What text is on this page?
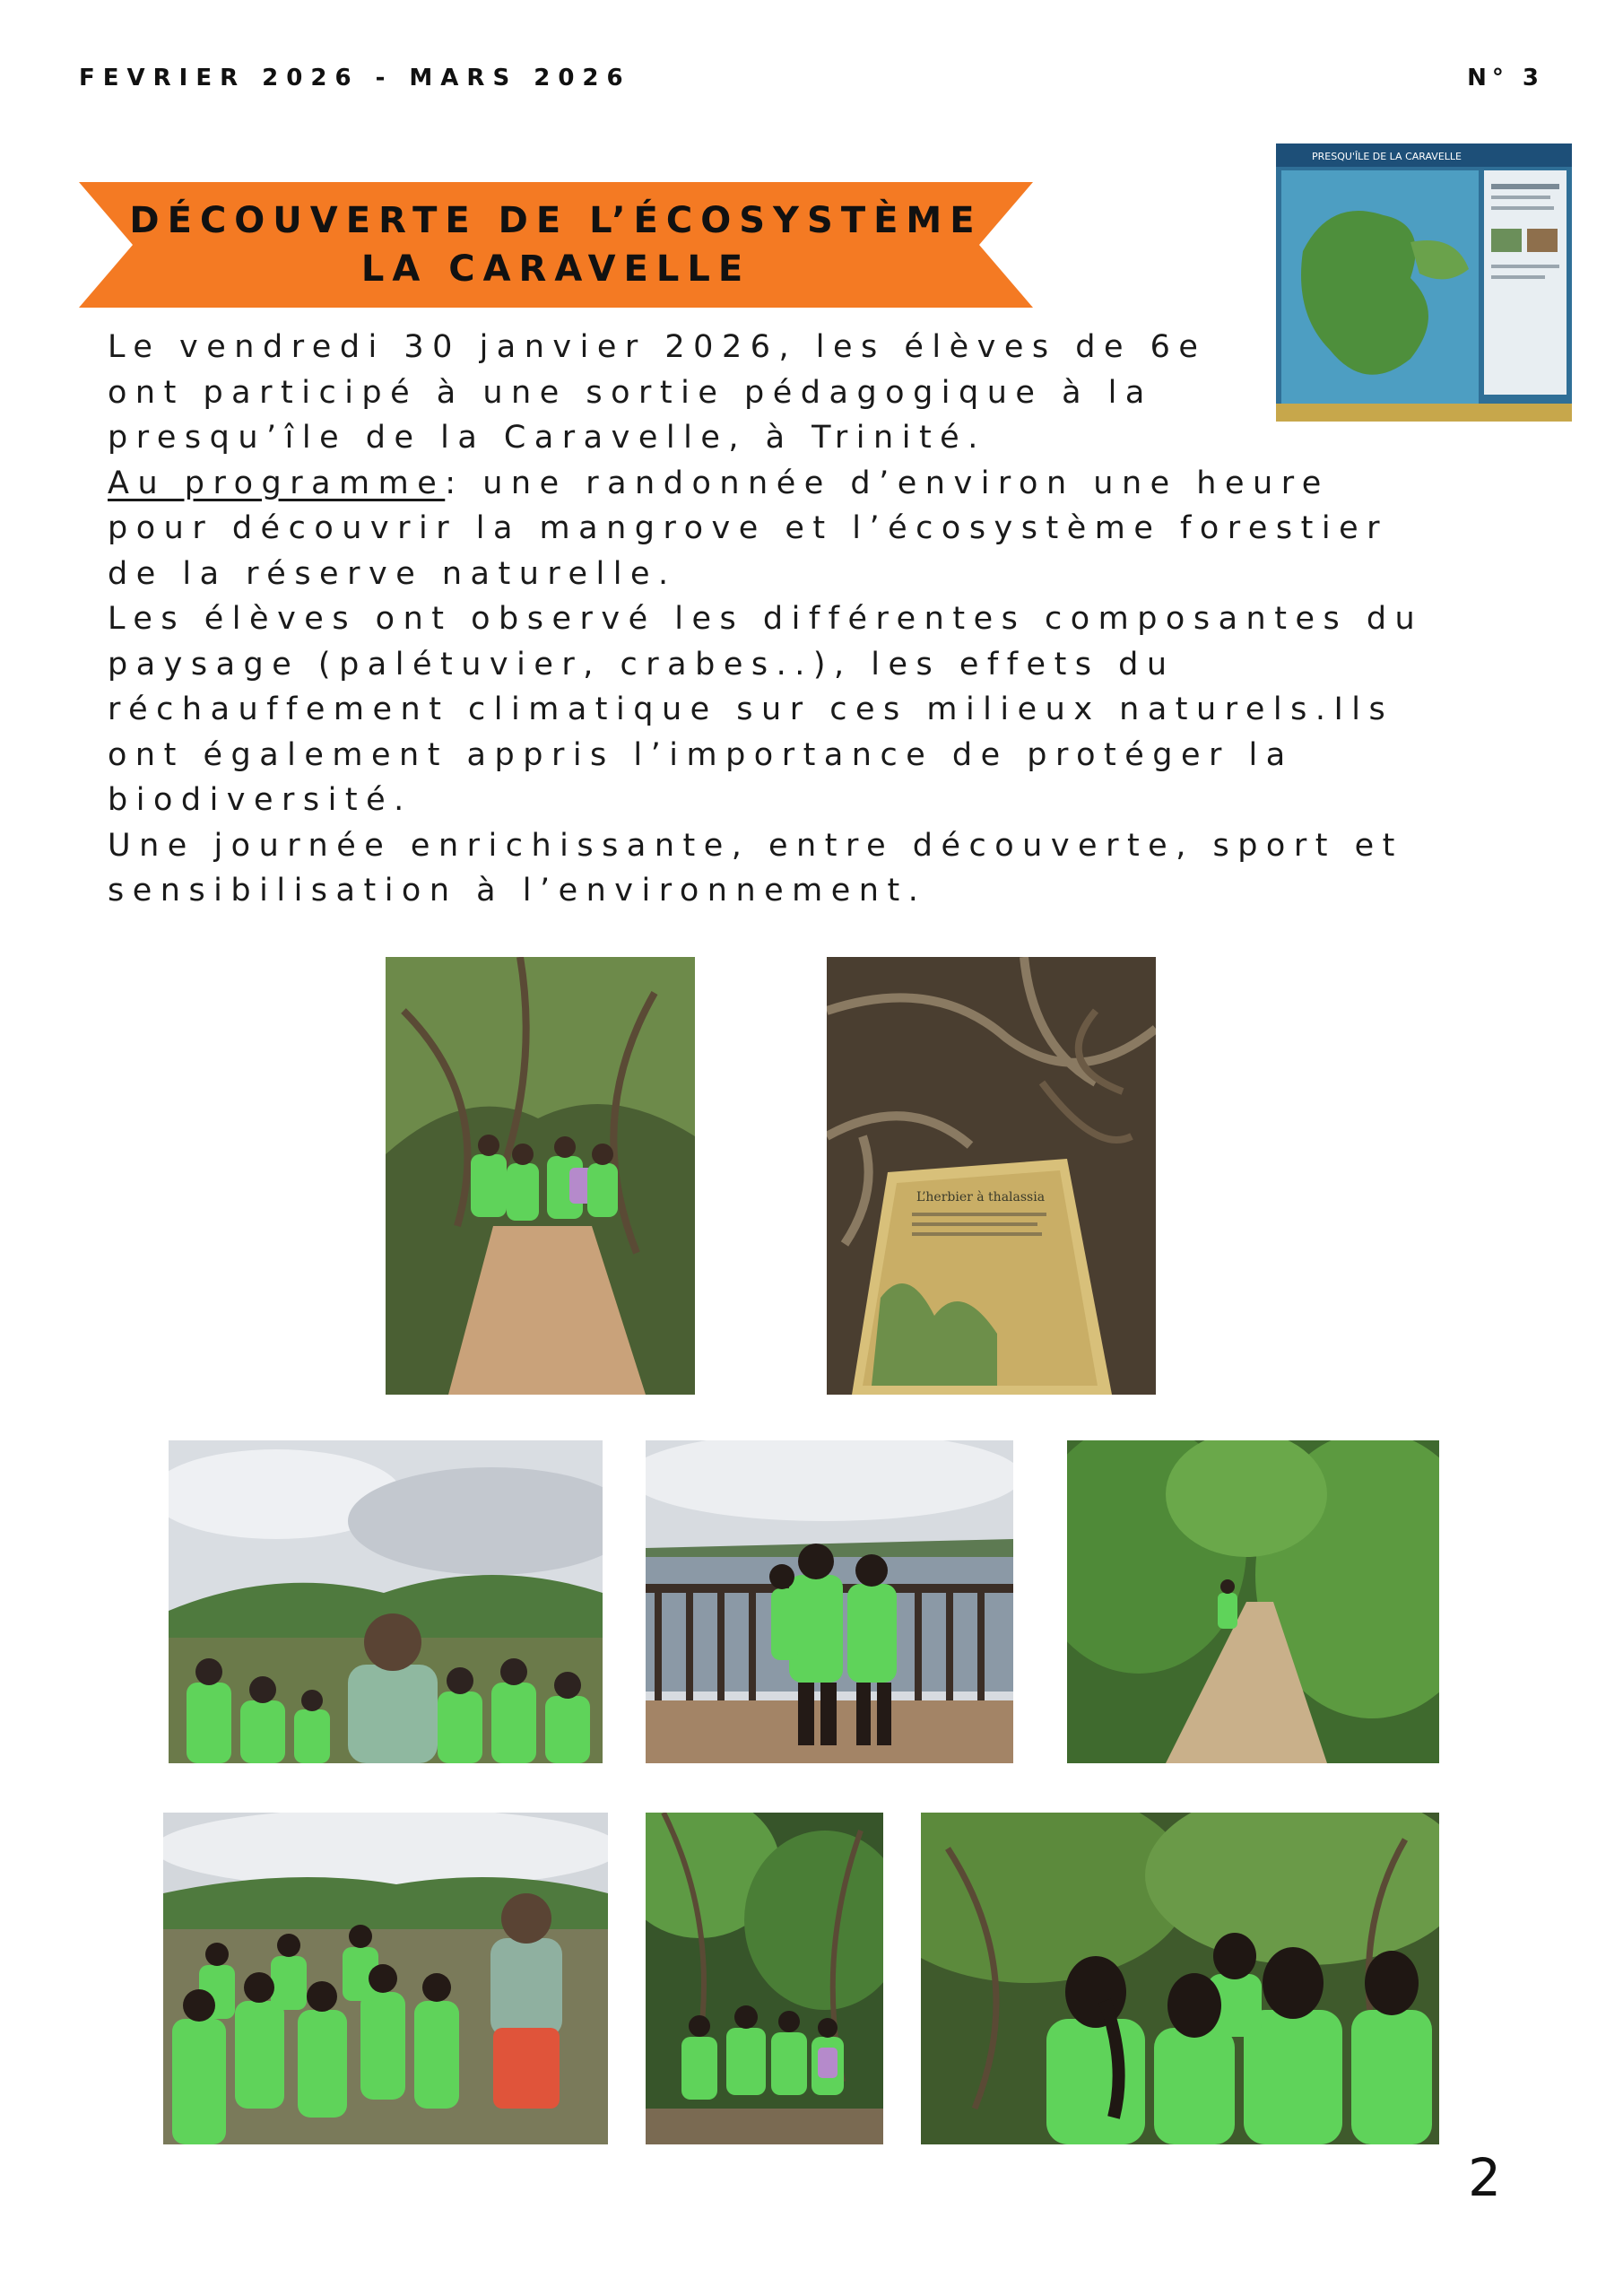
FEVRIER 2026 - MARS 2026	N° 3
DÉCOUVERTE DE L’ÉCOSYSTÈME
LA CARAVELLE
PRESQU'ÎLE DE LA CARAVELLE

Le vendredi 30 janvier 2026, les élèves de 6e ont participé à une sortie pédagogique à la presqu’île de la Caravelle, à Trinité.

Au programme: une randonnée d’environ une heure pour découvrir la mangrove et l’écosystème forestier de la réserve naturelle.

Les élèves ont observé les différentes composantes du paysage (palétuvier, crabes..), les effets du réchauffement climatique sur ces milieux naturels.Ils ont également appris l’importance de protéger la biodiversité.

Une journée enrichissante, entre découverte, sport et sensibilisation à l’environnement.

L’herbier à thalassia
2
